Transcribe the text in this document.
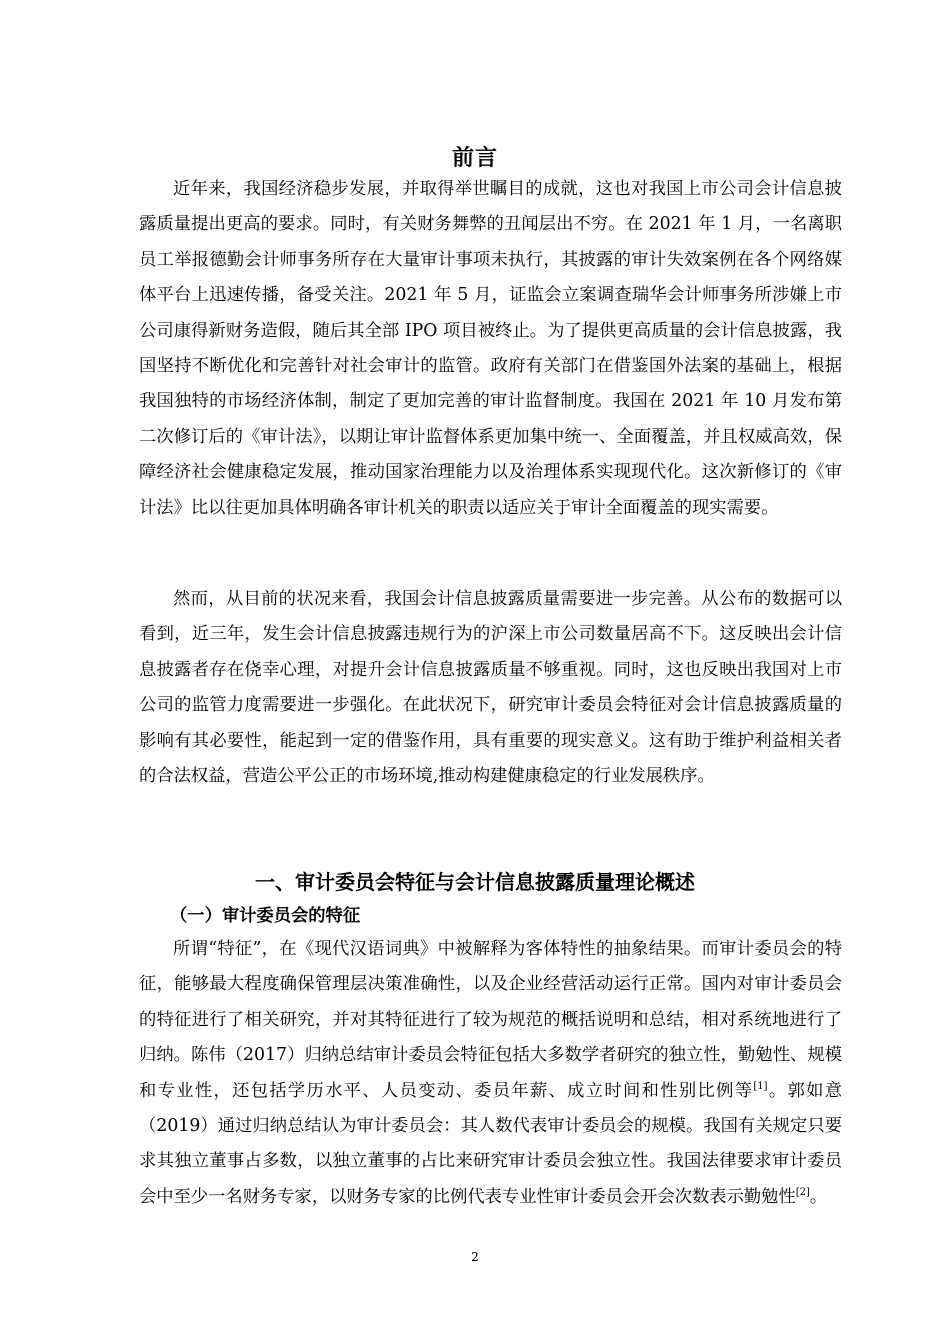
前言

近年来，我国经济稳步发展，并取得举世瞩目的成就，这也对我国上市公司会计信息披露质量提出更高的要求。同时，有关财务舞弊的丑闻层出不穷。在 2021 年 1 月，一名离职员工举报德勤会计师事务所存在大量审计事项未执行，其披露的审计失效案例在各个网络媒体平台上迅速传播，备受关注。2021 年 5 月，证监会立案调查瑞华会计师事务所涉嫌上市公司康得新财务造假，随后其全部 IPO 项目被终止。为了提供更高质量的会计信息披露，我国坚持不断优化和完善针对社会审计的监管。政府有关部门在借鉴国外法案的基础上，根据我国独特的市场经济体制，制定了更加完善的审计监督制度。我国在 2021 年 10 月发布第二次修订后的《审计法》，以期让审计监督体系更加集中统一、全面覆盖，并且权威高效，保障经济社会健康稳定发展，推动国家治理能力以及治理体系实现现代化。这次新修订的《审计法》比以往更加具体明确各审计机关的职责以适应关于审计全面覆盖的现实需要。

然而，从目前的状况来看，我国会计信息披露质量需要进一步完善。从公布的数据可以看到，近三年，发生会计信息披露违规行为的沪深上市公司数量居高不下。这反映出会计信息披露者存在侥幸心理，对提升会计信息披露质量不够重视。同时，这也反映出我国对上市公司的监管力度需要进一步强化。在此状况下，研究审计委员会特征对会计信息披露质量的影响有其必要性，能起到一定的借鉴作用，具有重要的现实意义。这有助于维护利益相关者的合法权益，营造公平公正的市场环境,推动构建健康稳定的行业发展秩序。

一、审计委员会特征与会计信息披露质量理论概述
（一）审计委员会的特征

所谓“特征”，在《现代汉语词典》中被解释为客体特性的抽象结果。而审计委员会的特征，能够最大程度确保管理层决策准确性，以及企业经营活动运行正常。国内对审计委员会的特征进行了相关研究，并对其特征进行了较为规范的概括说明和总结，相对系统地进行了归纳。陈伟（2017）归纳总结审计委员会特征包括大多数学者研究的独立性，勤勉性、规模和专业性，还包括学历水平、人员变动、委员年薪、成立时间和性别比例等[1]。郭如意（2019）通过归纳总结认为审计委员会：其人数代表审计委员会的规模。我国有关规定只要求其独立董事占多数，以独立董事的占比来研究审计委员会独立性。我国法律要求审计委员会中至少一名财务专家，以财务专家的比例代表专业性审计委员会开会次数表示勤勉性[2]。

2
